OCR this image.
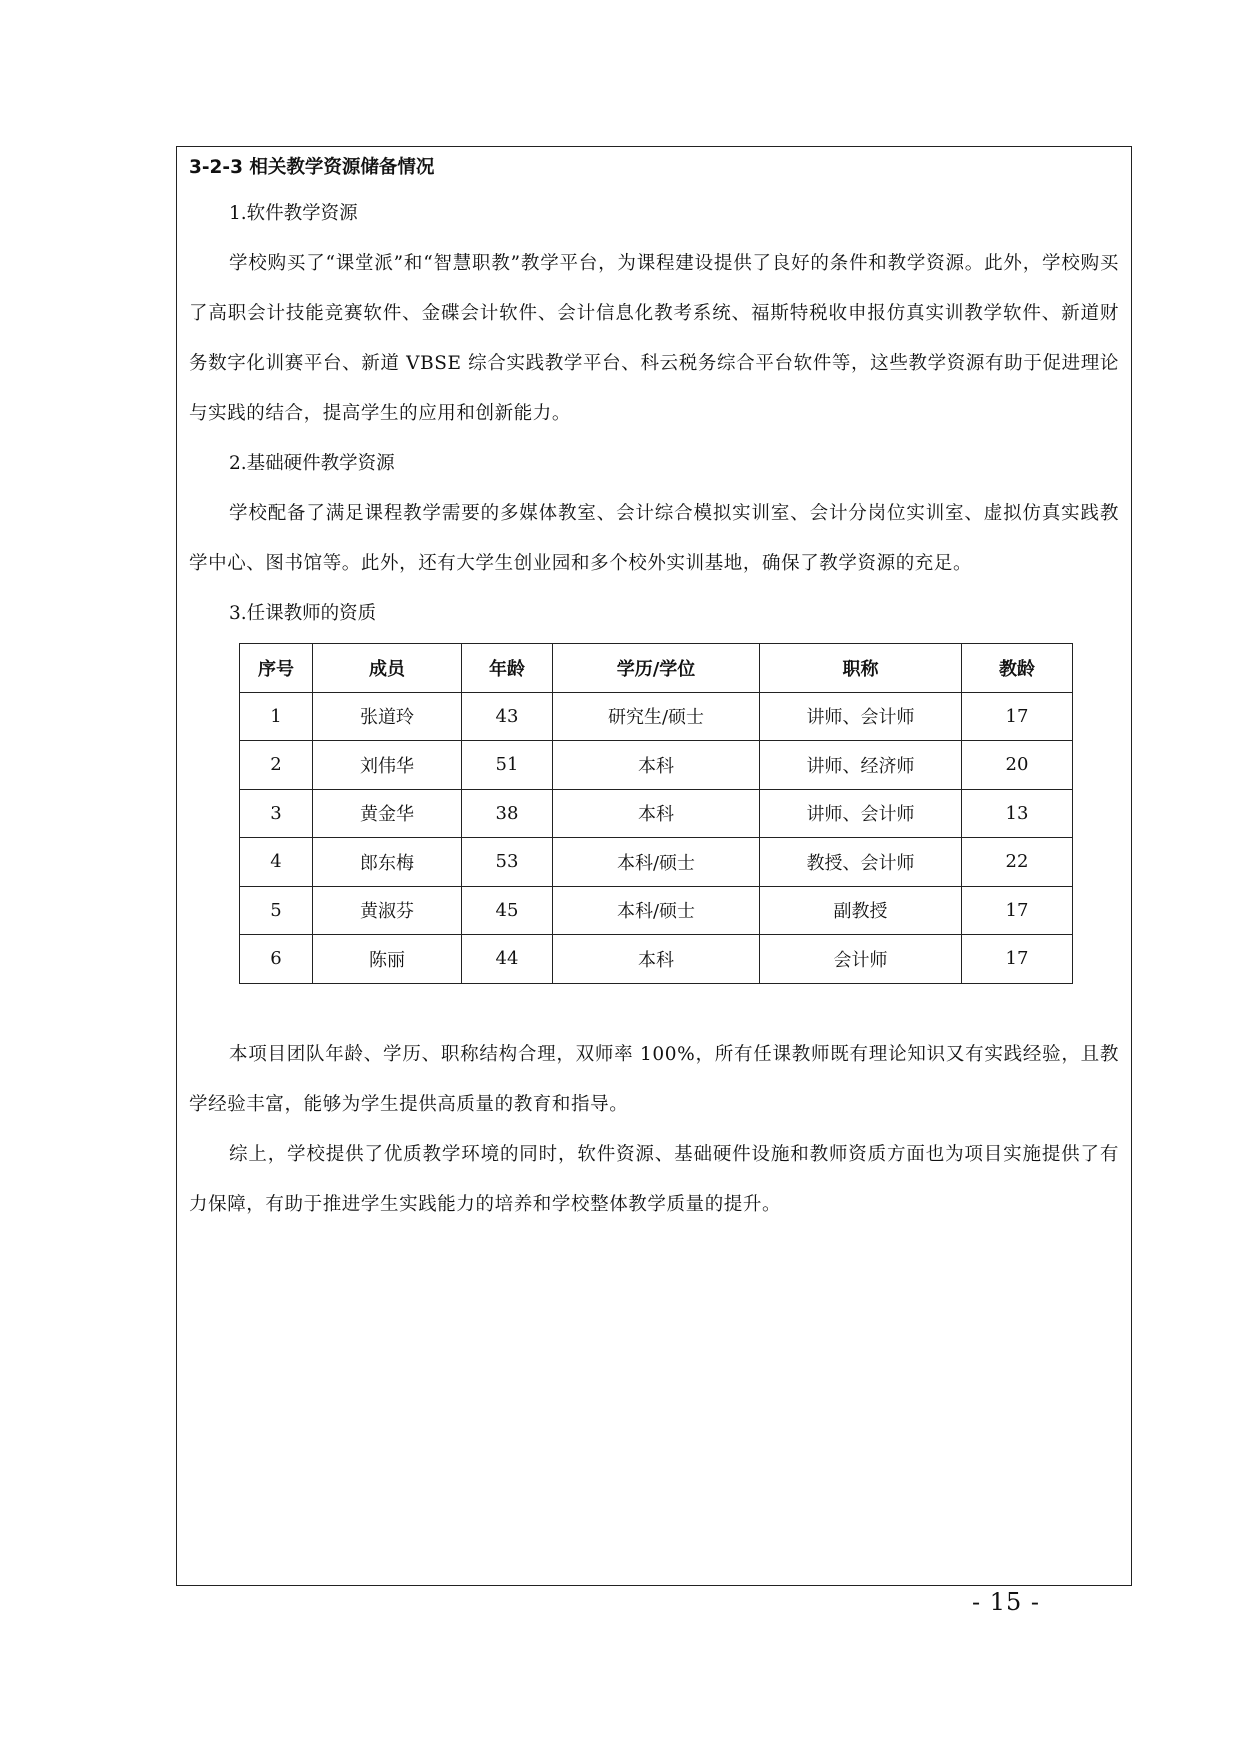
3-2-3 相关教学资源储备情况

1.软件教学资源

学校购买了“课堂派”和“智慧职教”教学平台，为课程建设提供了良好的条件和教学资源。此外，学校购买了高职会计技能竞赛软件、金碟会计软件、会计信息化教考系统、福斯特税收申报仿真实训教学软件、新道财务数字化训赛平台、新道 VBSE 综合实践教学平台、科云税务综合平台软件等，这些教学资源有助于促进理论与实践的结合，提高学生的应用和创新能力。

2.基础硬件教学资源

学校配备了满足课程教学需要的多媒体教室、会计综合模拟实训室、会计分岗位实训室、虚拟仿真实践教学中心、图书馆等。此外，还有大学生创业园和多个校外实训基地，确保了教学资源的充足。

3.任课教师的资质

序号	成员	年龄	学历/学位	职称	教龄
1	张道玲	43	研究生/硕士	讲师、会计师	17
2	刘伟华	51	本科	讲师、经济师	20
3	黄金华	38	本科	讲师、会计师	13
4	郎东梅	53	本科/硕士	教授、会计师	22
5	黄淑芬	45	本科/硕士	副教授	17
6	陈丽	44	本科	会计师	17

本项目团队年龄、学历、职称结构合理，双师率 100%，所有任课教师既有理论知识又有实践经验，且教学经验丰富，能够为学生提供高质量的教育和指导。

综上，学校提供了优质教学环境的同时，软件资源、基础硬件设施和教师资质方面也为项目实施提供了有力保障，有助于推进学生实践能力的培养和学校整体教学质量的提升。

- 15 -
